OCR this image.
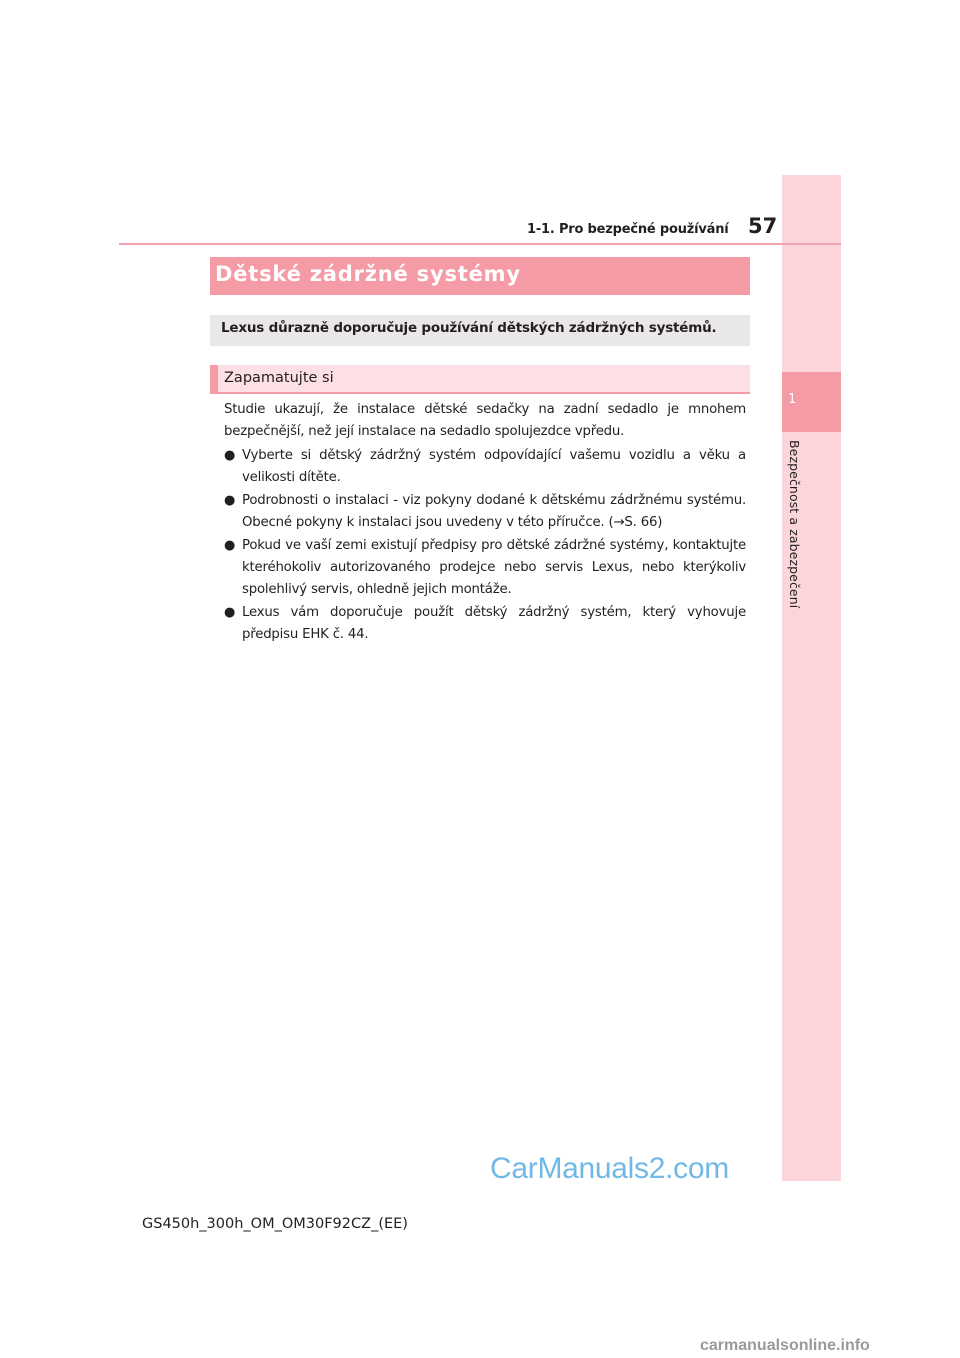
1
Bezpečnost a zabezpečení
1-1. Pro bezpečné používání 57
Dětské zádržné systémy
Lexus důrazně doporučuje používání dětských zádržných systémů.
Zapamatujte si
Studie ukazují, že instalace dětské sedačky na zadní sedadlo je mnohem bezpečnější, než její instalace na sedadlo spolujezdce vpředu.
● Vyberte si dětský zádržný systém odpovídající vašemu vozidlu a věku a velikosti dítěte.
● Podrobnosti o instalaci - viz pokyny dodané k dětskému zádržnému systému. Obecné pokyny k instalaci jsou uvedeny v této příručce. (→S. 66)
● Pokud ve vaší zemi existují předpisy pro dětské zádržné systémy, kontaktujte kteréhokoliv autorizovaného prodejce nebo servis Lexus, nebo kterýkoliv spolehlivý servis, ohledně jejich montáže.
● Lexus vám doporučuje použít dětský zádržný systém, který vyhovuje předpisu EHK č. 44.
CarManuals2.com
GS450h_300h_OM_OM30F92CZ_(EE)
carmanualsonline.info
